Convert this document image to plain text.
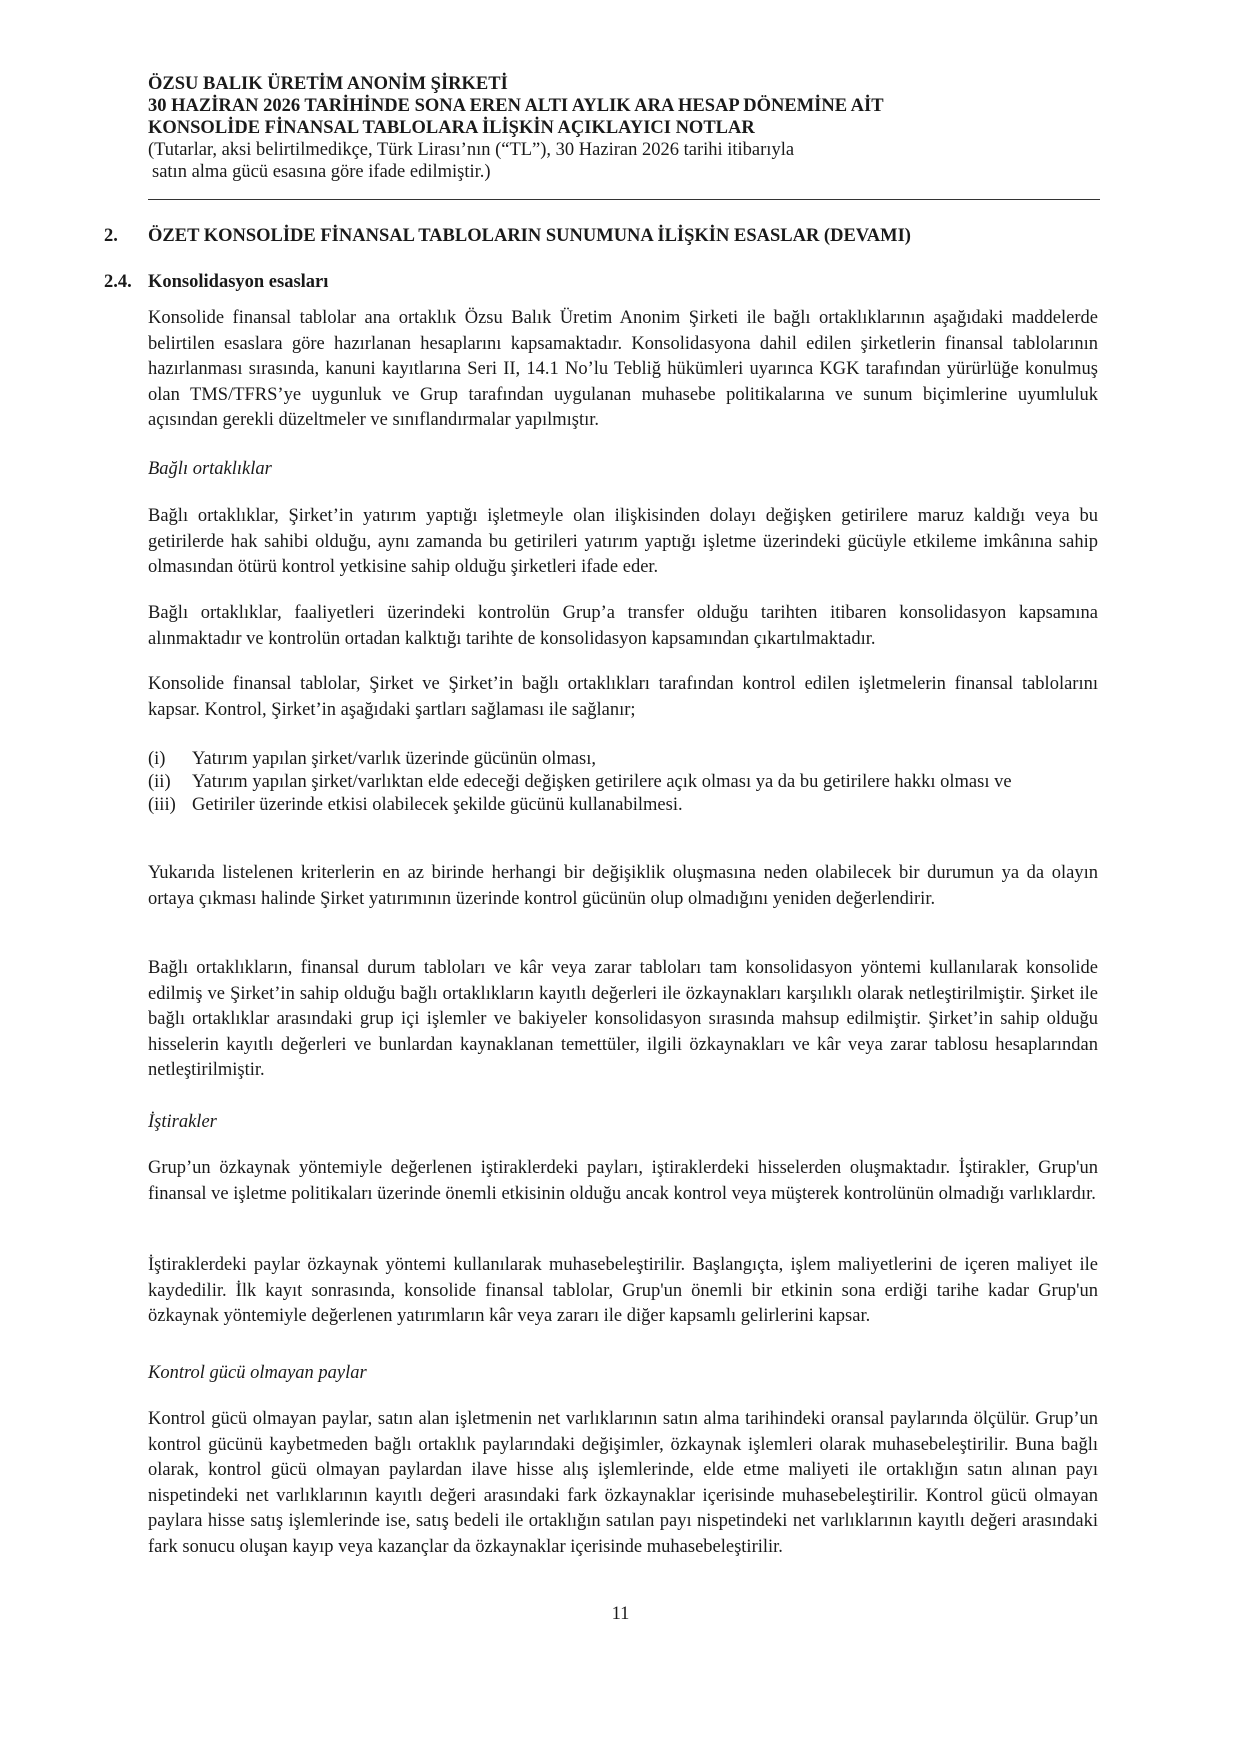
ÖZSU BALIK ÜRETİM ANONİM ŞİRKETİ

30 HAZİRAN 2026 TARİHİNDE SONA EREN ALTI AYLIK ARA HESAP DÖNEMİNE AİT

KONSOLİDE FİNANSAL TABLOLARA İLİŞKİN AÇIKLAYICI NOTLAR

(Tutarlar, aksi belirtilmedikçe, Türk Lirası’nın (“TL”), 30 Haziran 2026 tarihi itibarıyla

satın alma gücü esasına göre ifade edilmiştir.)

2. ÖZET KONSOLİDE FİNANSAL TABLOLARIN SUNUMUNA İLİŞKİN ESASLAR (DEVAMI)
2.4. Konsolidasyon esasları

Konsolide finansal tablolar ana ortaklık Özsu Balık Üretim Anonim Şirketi ile bağlı ortaklıklarının aşağıdaki maddelerde belirtilen esaslara göre hazırlanan hesaplarını kapsamaktadır. Konsolidasyona dahil edilen şirketlerin finansal tablolarının hazırlanması sırasında, kanuni kayıtlarına Seri II, 14.1 No’lu Tebliğ hükümleri uyarınca KGK tarafından yürürlüğe konulmuş olan TMS/TFRS’ye uygunluk ve Grup tarafından uygulanan muhasebe politikalarına ve sunum biçimlerine uyumluluk açısından gerekli düzeltmeler ve sınıflandırmalar yapılmıştır.

Bağlı ortaklıklar

Bağlı ortaklıklar, Şirket’in yatırım yaptığı işletmeyle olan ilişkisinden dolayı değişken getirilere maruz kaldığı veya bu getirilerde hak sahibi olduğu, aynı zamanda bu getirileri yatırım yaptığı işletme üzerindeki gücüyle etkileme imkânına sahip olmasından ötürü kontrol yetkisine sahip olduğu şirketleri ifade eder.

Bağlı ortaklıklar, faaliyetleri üzerindeki kontrolün Grup’a transfer olduğu tarihten itibaren konsolidasyon kapsamına alınmaktadır ve kontrolün ortadan kalktığı tarihte de konsolidasyon kapsamından çıkartılmaktadır.

Konsolide finansal tablolar, Şirket ve Şirket’in bağlı ortaklıkları tarafından kontrol edilen işletmelerin finansal tablolarını kapsar. Kontrol, Şirket’in aşağıdaki şartları sağlaması ile sağlanır;

(i)	Yatırım yapılan şirket/varlık üzerinde gücünün olması,
(ii)	Yatırım yapılan şirket/varlıktan elde edeceği değişken getirilere açık olması ya da bu getirilere hakkı olması ve
(iii) Getiriler üzerinde etkisi olabilecek şekilde gücünü kullanabilmesi.

Yukarıda listelenen kriterlerin en az birinde herhangi bir değişiklik oluşmasına neden olabilecek bir durumun ya da olayın ortaya çıkması halinde Şirket yatırımının üzerinde kontrol gücünün olup olmadığını yeniden değerlendirir.

Bağlı ortaklıkların, finansal durum tabloları ve kâr veya zarar tabloları tam konsolidasyon yöntemi kullanılarak konsolide edilmiş ve Şirket’in sahip olduğu bağlı ortaklıkların kayıtlı değerleri ile özkaynakları karşılıklı olarak netleştirilmiştir. Şirket ile bağlı ortaklıklar arasındaki grup içi işlemler ve bakiyeler konsolidasyon sırasında mahsup edilmiştir. Şirket’in sahip olduğu hisselerin kayıtlı değerleri ve bunlardan kaynaklanan temettüler, ilgili özkaynakları ve kâr veya zarar tablosu hesaplarından netleştirilmiştir.

İştirakler

Grup’un özkaynak yöntemiyle değerlenen iştiraklerdeki payları, iştiraklerdeki hisselerden oluşmaktadır. İştirakler, Grup'un finansal ve işletme politikaları üzerinde önemli etkisinin olduğu ancak kontrol veya müşterek kontrolünün olmadığı varlıklardır.

İştiraklerdeki paylar özkaynak yöntemi kullanılarak muhasebeleştirilir. Başlangıçta, işlem maliyetlerini de içeren maliyet ile kaydedilir. İlk kayıt sonrasında, konsolide finansal tablolar, Grup'un önemli bir etkinin sona erdiği tarihe kadar Grup'un özkaynak yöntemiyle değerlenen yatırımların kâr veya zararı ile diğer kapsamlı gelirlerini kapsar.

Kontrol gücü olmayan paylar

Kontrol gücü olmayan paylar, satın alan işletmenin net varlıklarının satın alma tarihindeki oransal paylarında ölçülür. Grup’un kontrol gücünü kaybetmeden bağlı ortaklık paylarındaki değişimler, özkaynak işlemleri olarak muhasebeleştirilir. Buna bağlı olarak, kontrol gücü olmayan paylardan ilave hisse alış işlemlerinde, elde etme maliyeti ile ortaklığın satın alınan payı nispetindeki net varlıklarının kayıtlı değeri arasındaki fark özkaynaklar içerisinde muhasebeleştirilir. Kontrol gücü olmayan paylara hisse satış işlemlerinde ise, satış bedeli ile ortaklığın satılan payı nispetindeki net varlıklarının kayıtlı değeri arasındaki fark sonucu oluşan kayıp veya kazançlar da özkaynaklar içerisinde muhasebeleştirilir.

11
